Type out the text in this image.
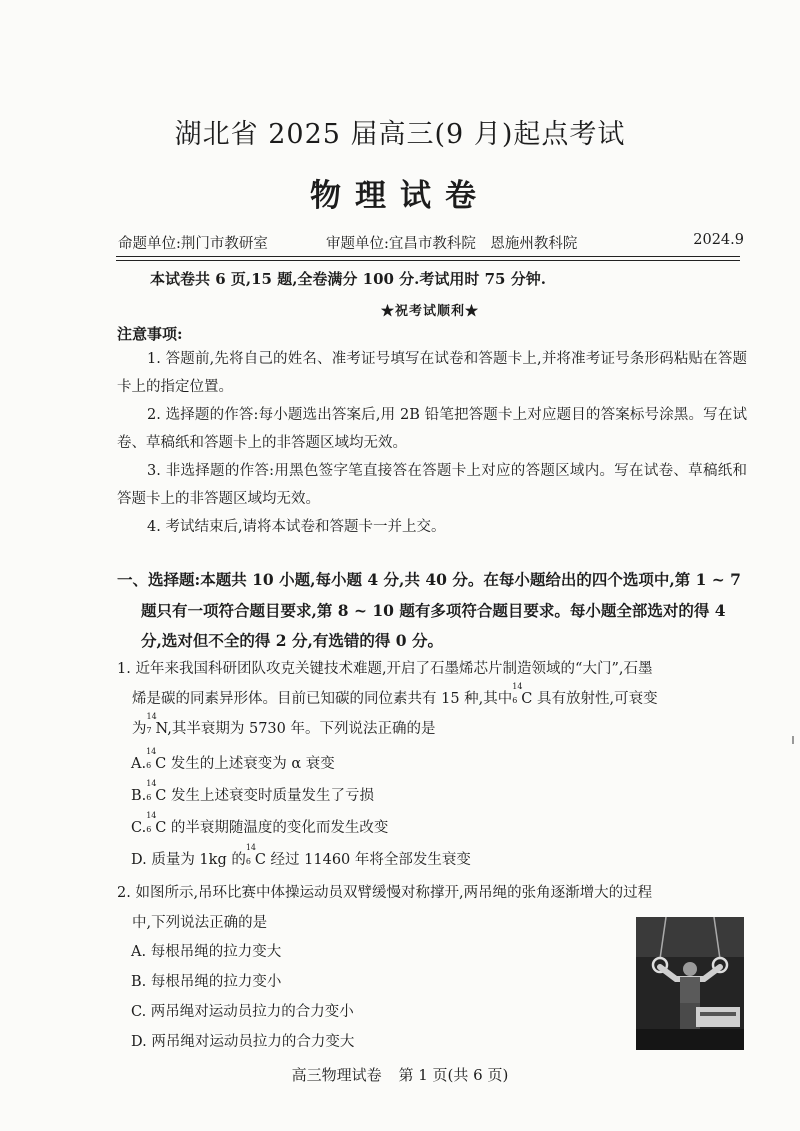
湖北省 2025 届高三(9 月)起点考试
物理试卷
命题单位:荆门市教研室	审题单位:宜昌市教科院　恩施州教科院	2024.9
本试卷共 6 页,15 题,全卷满分 100 分.考试用时 75 分钟.
★祝考试顺利★
注意事项:
1. 答题前,先将自己的姓名、准考证号填写在试卷和答题卡上,并将准考证号条形码粘贴在答题卡上的指定位置。
2. 选择题的作答:每小题选出答案后,用 2B 铅笔把答题卡上对应题目的答案标号涂黑。写在试卷、草稿纸和答题卡上的非答题区域均无效。
3. 非选择题的作答:用黑色签字笔直接答在答题卡上对应的答题区域内。写在试卷、草稿纸和答题卡上的非答题区域均无效。
4. 考试结束后,请将本试卷和答题卡一并上交。
一、选择题:本题共 10 小题,每小题 4 分,共 40 分。在每小题给出的四个选项中,第 1 ~ 7
题只有一项符合题目要求,第 8 ~ 10 题有多项符合题目要求。每小题全部选对的得 4
分,选对但不全的得 2 分,有选错的得 0 分。
1. 近年来我国科研团队攻克关键技术难题,开启了石墨烯芯片制造领域的“大门”,石墨
烯是碳的同素异形体。目前已知碳的同位素共有 15 种,其中
14
6 C 具有放射性,可衰变
为
14
7 N,其半衰期为 5730 年。下列说法正确的是
A.
14
6 C 发生的上述衰变为 α 衰变
B.
14
6 C 发生上述衰变时质量发生了亏损
C.
14
6 C 的半衰期随温度的变化而发生改变
D. 质量为 1kg 的
14
6 C 经过 11460 年将全部发生衰变
2. 如图所示,吊环比赛中体操运动员双臂缓慢对称撑开,两吊绳的张角逐渐增大的过程
中,下列说法正确的是
A. 每根吊绳的拉力变大
B. 每根吊绳的拉力变小
C. 两吊绳对运动员拉力的合力变小
D. 两吊绳对运动员拉力的合力变大
高三物理试卷 第 1 页(共 6 页)
